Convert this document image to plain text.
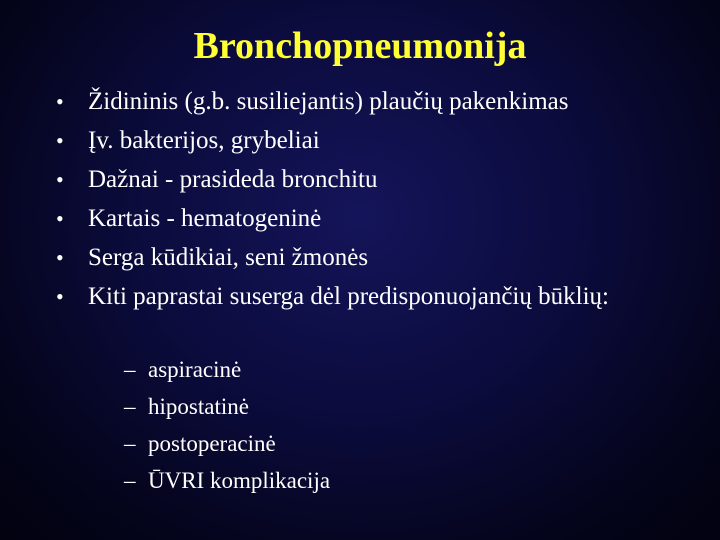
Bronchopneumonija
• Židininis (g.b. susiliejantis) plaučių pakenkimas
• Įv. bakterijos, grybeliai
• Dažnai - prasideda bronchitu
• Kartais - hematogeninė
• Serga kūdikiai, seni žmonės
• Kiti paprastai suserga dėl predisponuojančių būklių:
– aspiracinė
– hipostatinė
– postoperacinė
– ŪVRI komplikacija
